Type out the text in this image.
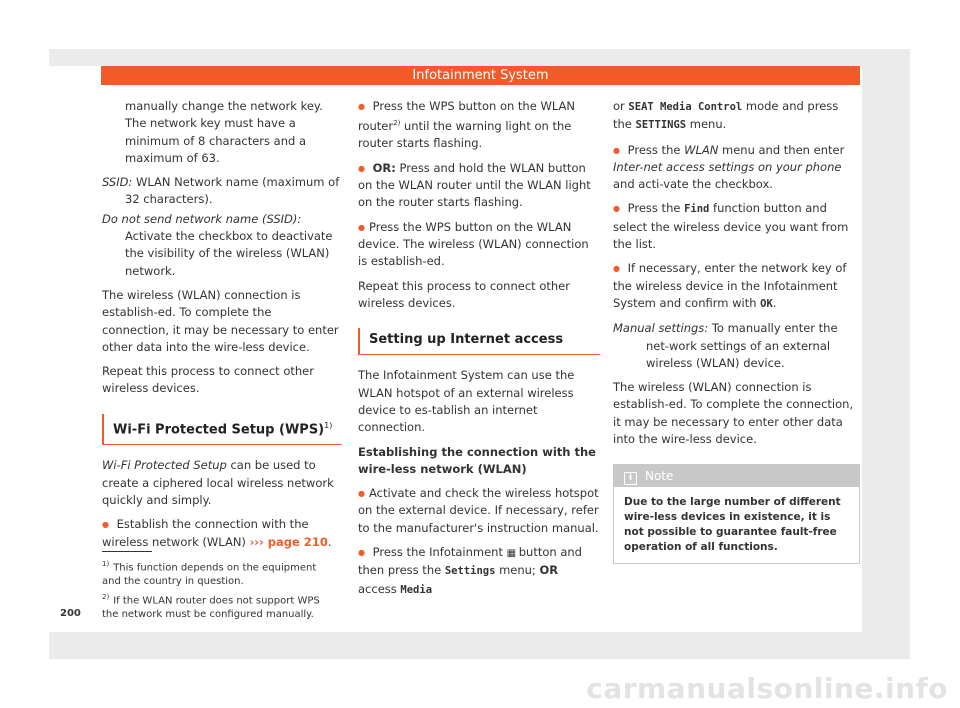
Infotainment System

manually change the network key. The network key must have a minimum of 8 characters and a maximum of 63.

SSID: WLAN Network name (maximum of 32 characters).

Do not send network name (SSID): Activate the checkbox to deactivate the visibility of the wireless (WLAN) network.

The wireless (WLAN) connection is establish-ed. To complete the connection, it may be necessary to enter other data into the wire-less device.

Repeat this process to connect other wireless devices.

Wi-Fi Protected Setup (WPS)$^{1)}$

Wi-Fi Protected Setup can be used to create a ciphered local wireless network quickly and simply.

● Establish the connection with the wireless network (WLAN) ››› page 210.

● Press the WPS button on the WLAN router$^{2)}$ until the warning light on the router starts flashing.

● OR: Press and hold the WLAN button on the WLAN router until the WLAN light on the router starts flashing.

● Press the WPS button on the WLAN device. The wireless (WLAN) connection is establish-ed.

Repeat this process to connect other wireless devices.

Setting up Internet access

The Infotainment System can use the WLAN hotspot of an external wireless device to es-tablish an internet connection.

Establishing the connection with the wire-less network (WLAN)

● Activate and check the wireless hotspot on the external device. If necessary, refer to the manufacturer's instruction manual.

● Press the Infotainment ▦ button and then press the Settings menu; OR access Media

or SEAT Media Control mode and press the SETTINGS menu.

● Press the WLAN menu and then enter Inter-net access settings on your phone and acti-vate the checkbox.

● Press the Find function button and select the wireless device you want from the list.

● If necessary, enter the network key of the wireless device in the Infotainment System and confirm with OK.

Manual settings: To manually enter the net-work settings of an external wireless (WLAN) device.

The wireless (WLAN) connection is establish-ed. To complete the connection, it may be necessary to enter other data into the wire-less device.

i Note
Due to the large number of different wire-less devices in existence, it is not possible to guarantee fault-free operation of all functions.
$^{1)}$ This function depends on the equipment and the country in question.
$^{2)}$ If the WLAN router does not support WPS the network must be configured manually.
200
carmanualsonline.info
